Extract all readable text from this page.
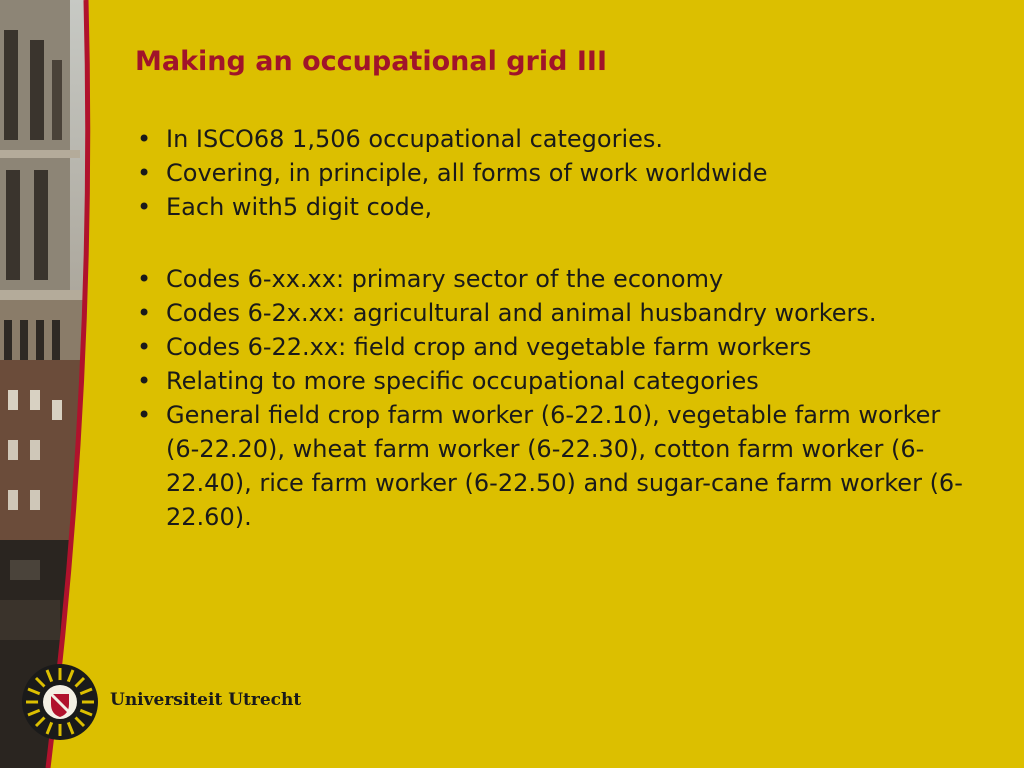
Making an occupational grid III
• In ISCO68 1,506 occupational categories.
• Covering, in principle, all forms of work worldwide
• Each with5 digit code,
• Codes 6-xx.xx: primary sector of the economy
• Codes 6-2x.xx: agricultural and animal husbandry workers.
• Codes 6-22.xx: field crop and vegetable farm workers
• Relating to more specific occupational categories
• General field crop farm worker (6-22.10), vegetable farm worker (6-22.20), wheat farm worker (6-22.30), cotton farm worker (6-22.40), rice farm worker (6-22.50) and sugar-cane farm worker (6-22.60).
Universiteit Utrecht
